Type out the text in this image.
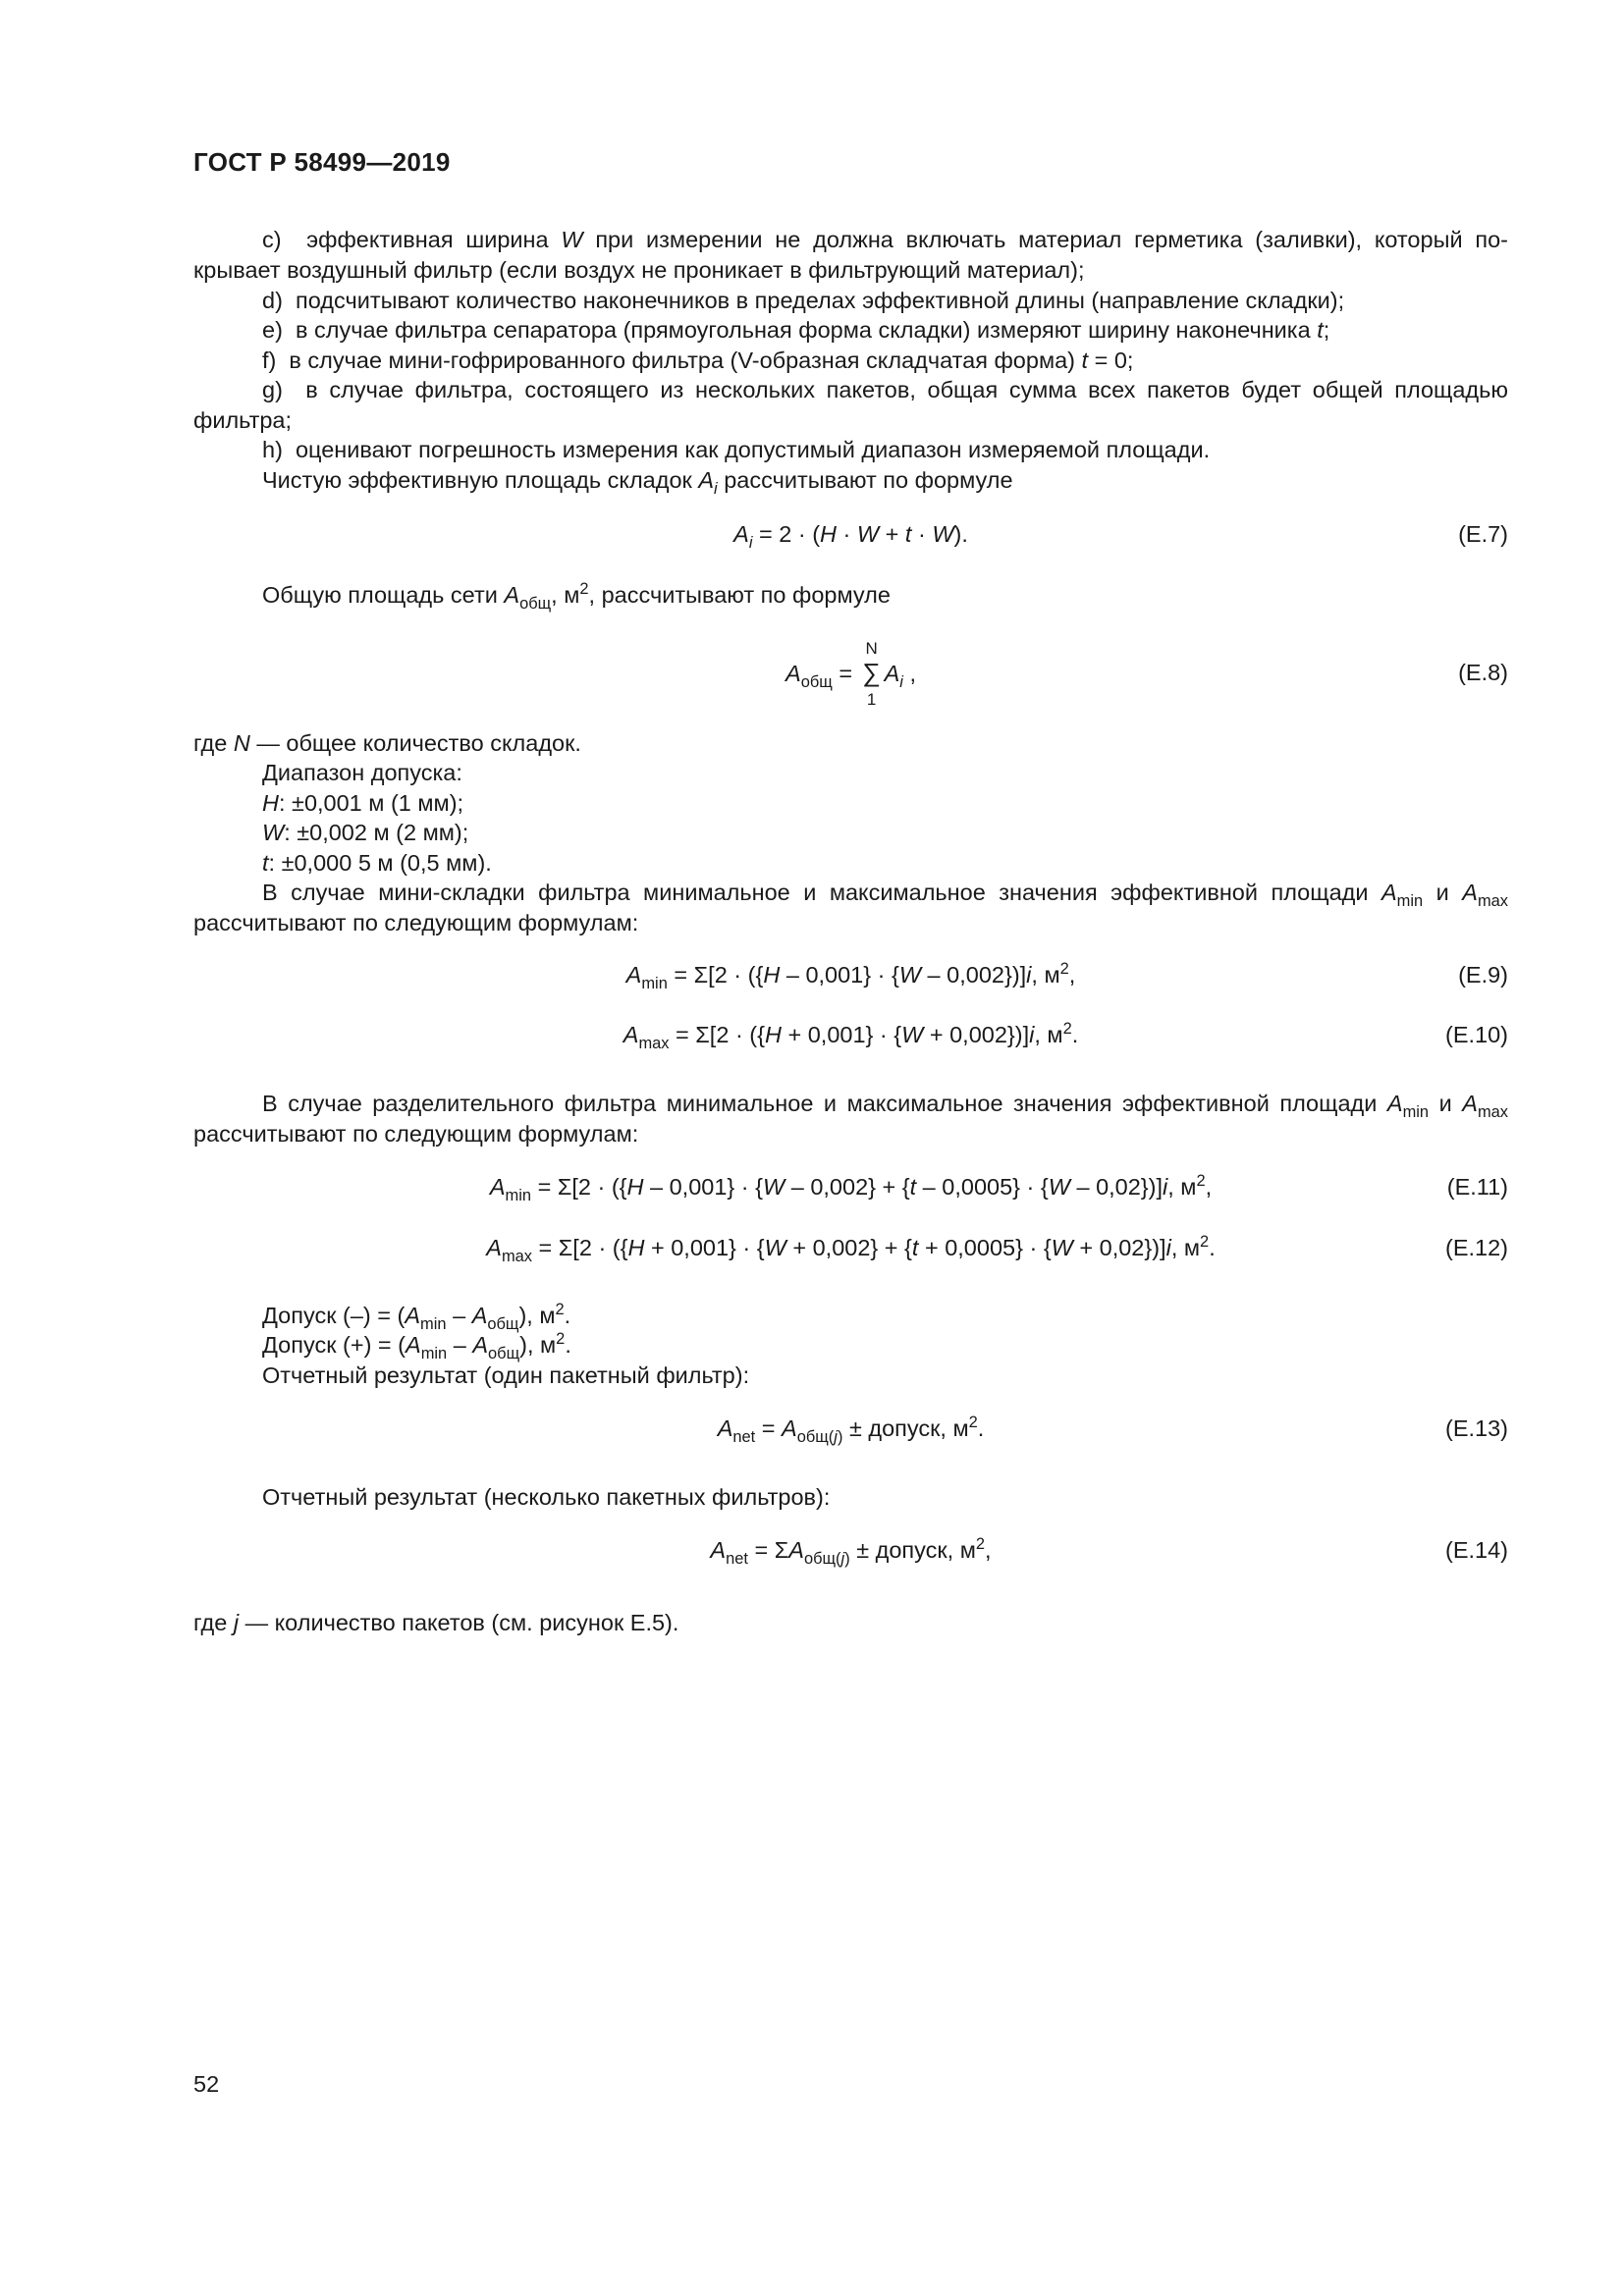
ГОСТ Р 58499—2019
c) эффективная ширина W при измерении не должна включать материал герметика (заливки), который по-крывает воздушный фильтр (если воздух не проникает в фильтрующий материал);
d) подсчитывают количество наконечников в пределах эффективной длины (направление складки);
e) в случае фильтра сепаратора (прямоугольная форма складки) измеряют ширину наконечника t;
f) в случае мини-гофрированного фильтра (V-образная складчатая форма) t = 0;
g) в случае фильтра, состоящего из нескольких пакетов, общая сумма всех пакетов будет общей площадью фильтра;
h) оценивают погрешность измерения как допустимый диапазон измеряемой площади.
Чистую эффективную площадь складок $A_i$ рассчитывают по формуле
$A_i = 2 \cdot (H \cdot W + t \cdot W)$.	(E.7)
Общую площадь сети $A_{общ}$, $м^2$, рассчитывают по формуле
$A_{общ}$ =
N
∑
1
$A_i$ ,	(E.8)
где N — общее количество складок.
Диапазон допуска:
H: ±0,001 м (1 мм);
W: ±0,002 м (2 мм);
t: ±0,000 5 м (0,5 мм).
В случае мини-складки фильтра минимальное и максимальное значения эффективной площади $A_{min}$ и $A_{max}$ рассчитывают по следующим формулам:
$A_{min} = \Sigma[2 \cdot (\{H - 0,001\} \cdot \{W - 0,002\})]i$, $м^2$,	(E.9)
$A_{max} = \Sigma[2 \cdot (\{H + 0,001\} \cdot \{W + 0,002\})]i$, $м^2$.	(E.10)
В случае разделительного фильтра минимальное и максимальное значения эффективной площади $A_{min}$ и $A_{max}$ рассчитывают по следующим формулам:
$A_{min} = \Sigma[2 \cdot (\{H - 0,001\} \cdot \{W - 0,002\} + \{t - 0,0005\} \cdot \{W - 0,02\})]i$, $м^2$,	(E.11)
$A_{max} = \Sigma[2 \cdot (\{H + 0,001\} \cdot \{W + 0,002\} + \{t + 0,0005\} \cdot \{W + 0,02\})]i$, $м^2$.	(E.12)
Допуск (–) = $(A_{min} - A_{общ})$, $м^2$.
Допуск (+) = $(A_{min} - A_{общ})$, $м^2$.
Отчетный результат (один пакетный фильтр):
$A_{net} = A_{общ(j)}$ ± допуск, $м^2$.	(E.13)
Отчетный результат (несколько пакетных фильтров):
$A_{net} = \Sigma A_{общ(j)}$ ± допуск, $м^2$,	(E.14)
где j — количество пакетов (см. рисунок E.5).
52
